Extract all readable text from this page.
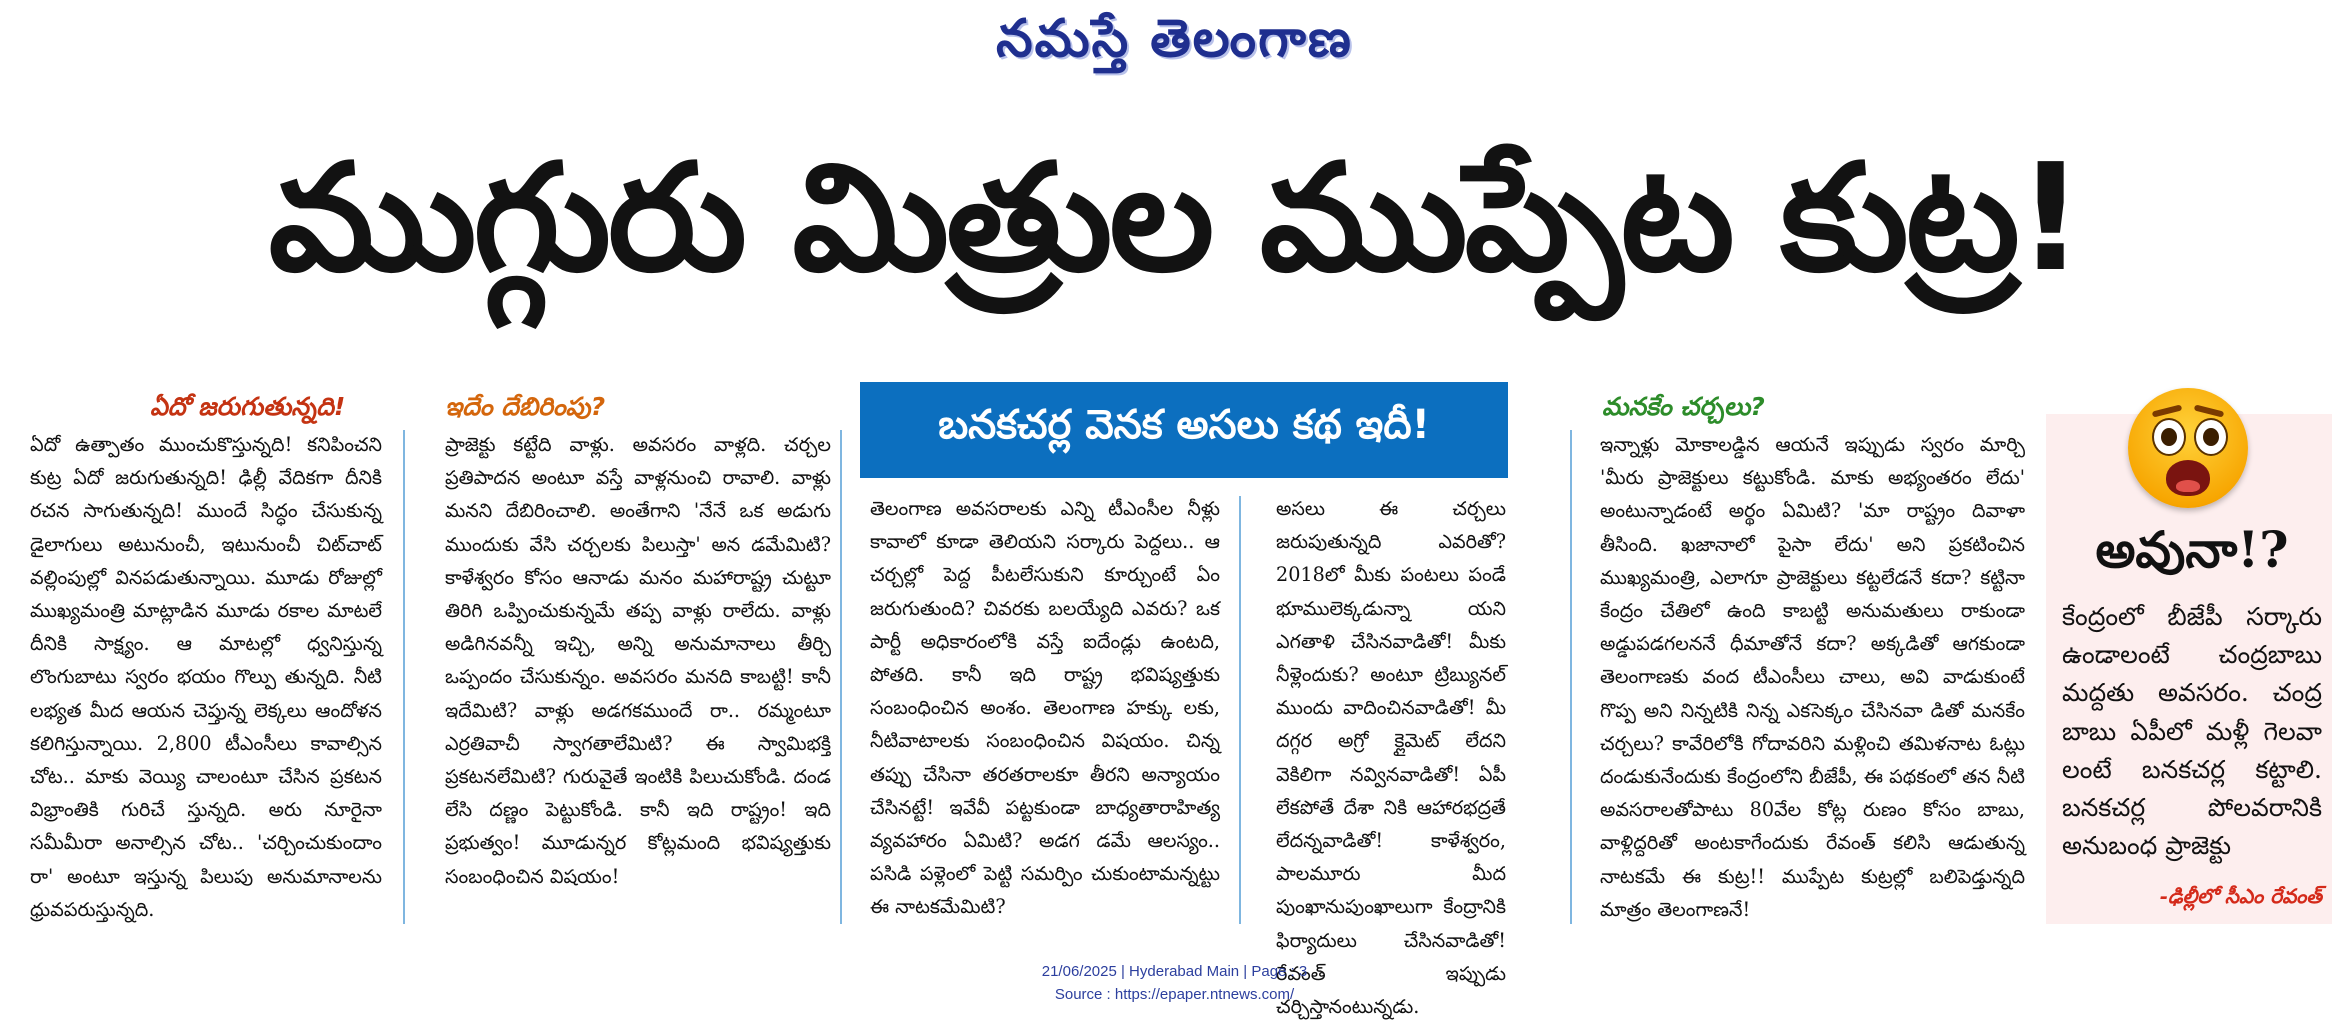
నమస్తే తెలంగాణ
ముగ్గురు మిత్రుల ముప్పేట కుట్ర!
ఏదో జరుగుతున్నది!
ఏదో ఉత్పాతం ముంచుకొస్తున్నది! కనిపించని కుట్ర ఏదో జరుగుతున్నది! ఢిల్లీ వేదికగా దీనికి రచన సాగుతున్నది! ముందే సిద్ధం చేసుకున్న డైలాగులు అటునుంచీ, ఇటునుంచీ చిట్‌చాట్ వల్లింపుల్లో వినపడుతున్నాయి. మూడు రోజుల్లో ముఖ్యమంత్రి మాట్లాడిన మూడు రకాల మాటలే దీనికి సాక్ష్యం. ఆ మాటల్లో ధ్వనిస్తున్న లొంగుబాటు స్వరం భయం గొల్పు తున్నది. నీటి లభ్యత మీద ఆయన చెప్తున్న లెక్కలు ఆందోళన కలిగిస్తున్నాయి. 2,800 టీఎంసీలు కావాల్సిన చోట.. మాకు వెయ్యి చాలంటూ చేసిన ప్రకటన విభ్రాంతికి గురిచే స్తున్నది. అరు నూరైనా సమీమీరా అనాల్సిన చోట.. 'చర్చించుకుందాం రా' అంటూ ఇస్తున్న పిలుపు అనుమానాలను ధ్రువపరుస్తున్నది.
ఇదేం దేబిరింపు?
ప్రాజెక్టు కట్టేది వాళ్లు. అవసరం వాళ్లది. చర్చల ప్రతిపాదన అంటూ వస్తే వాళ్లనుంచి రావాలి. వాళ్లు మనని దేబిరించాలి. అంతేగాని 'నేనే ఒక అడుగు ముందుకు వేసి చర్చలకు పిలుస్తా' అన డమేమిటి? కాళేశ్వరం కోసం ఆనాడు మనం మహారాష్ట్ర చుట్టూ తిరిగి ఒప్పించుకున్నమే తప్ప వాళ్లు రాలేదు. వాళ్లు అడిగినవన్నీ ఇచ్చి, అన్ని అనుమానాలు తీర్చి ఒప్పందం చేసుకున్నం. అవసరం మనది కాబట్టి! కానీ ఇదేమిటి? వాళ్లు అడగకముందే రా.. రమ్మంటూ ఎర్రతివాచీ స్వాగతాలేమిటి? ఈ స్వామిభక్తి ప్రకటనలేమిటి? గురువైతే ఇంటికి పిలుచుకోండి. దండ లేసి దణ్ణం పెట్టుకోండి. కానీ ఇది రాష్ట్రం! ఇది ప్రభుత్వం! మూడున్నర కోట్లమంది భవిష్యత్తుకు సంబంధించిన విషయం!
బనకచర్ల వెనక అసలు కథ ఇదీ!
తెలంగాణ అవసరాలకు ఎన్ని టీఎంసీల నీళ్లు కావాలో కూడా తెలియని సర్కారు పెద్దలు.. ఆ చర్చల్లో పెద్ద పీటలేసుకుని కూర్చుంటే ఏం జరుగుతుంది? చివరకు బలయ్యేది ఎవరు? ఒక పార్టీ అధికారంలోకి వస్తే ఐదేండ్లు ఉంటది, పోతది. కానీ ఇది రాష్ట్ర భవిష్యత్తుకు సంబంధించిన అంశం. తెలంగాణ హక్కు లకు, నీటివాటాలకు సంబంధించిన విషయం. చిన్న తప్పు చేసినా తరతరాలకూ తీరని అన్యాయం చేసినట్టే! ఇవేవీ పట్టకుండా బాధ్యతారాహిత్య వ్యవహారం ఏమిటి? అడగ డమే ఆలస్యం.. పసిడి పళ్లెంలో పెట్టి సమర్పిం చుకుంటామన్నట్టు ఈ నాటకమేమిటి?
అసలు ఈ చర్చలు జరుపుతున్నది ఎవరితో? 2018లో మీకు పంటలు పండే భూములెక్కడున్నా యని ఎగతాళి చేసినవాడితో! మీకు నీళ్లెందుకు? అంటూ ట్రిబ్యునల్ ముందు వాదించినవాడితో! మీ దగ్గర అగ్రో క్లైమెట్ లేదని వెకిలిగా నవ్వినవాడితో! ఏపీ లేకపోతే దేశా నికి ఆహారభద్రతే లేదన్నవాడితో! కాళేశ్వరం, పాలమూరు మీద పుంఖానుపుంఖాలుగా కేంద్రానికి ఫిర్యాదులు చేసినవాడితో! రేవంత్ ఇప్పుడు చర్చిస్తానంటున్నడు.
మనకేం చర్చలు?
ఇన్నాళ్లు మోకాలడ్డిన ఆయనే ఇప్పుడు స్వరం మార్చి 'మీరు ప్రాజెక్టులు కట్టుకోండి. మాకు అభ్యంతరం లేదు' అంటున్నాడంటే అర్థం ఏమిటి? 'మా రాష్ట్రం దివాళా తీసింది. ఖజానాలో పైసా లేదు' అని ప్రకటించిన ముఖ్యమంత్రి, ఎలాగూ ప్రాజెక్టులు కట్టలేడనే కదా? కట్టినా కేంద్రం చేతిలో ఉంది కాబట్టి అనుమతులు రాకుండా అడ్డుపడగలననే ధీమాతోనే కదా? అక్కడితో ఆగకుండా తెలంగాణకు వంద టీఎంసీలు చాలు, అవి వాడుకుంటే గొప్ప అని నిన్నటికి నిన్న ఎకసెక్కం చేసినవా డితో మనకేం చర్చలు? కావేరిలోకి గోదావరిని మళ్లించి తమిళనాట ఓట్లు దండుకునేందుకు కేంద్రంలోని బీజేపీ, ఈ పథకంలో తన నీటి అవసరాలతోపాటు 80వేల కోట్ల రుణం కోసం బాబు, వాళ్లిద్దరితో అంటకాగేందుకు రేవంత్ కలిసి ఆడుతున్న నాటకమే ఈ కుట్ర!! ముప్పేట కుట్రల్లో బలిపెడ్తున్నది మాత్రం తెలంగాణనే!
అవునా!?
కేంద్రంలో బీజేపీ సర్కారు ఉండాలంటే చంద్రబాబు మద్దతు అవసరం. చంద్ర బాబు ఏపీలో మళ్లీ గెలవా లంటే బనకచర్ల కట్టాలి. బనకచర్ల పోలవరానికి అనుబంధ ప్రాజెక్టు
-ఢిల్లీలో సీఎం రేవంత్
21/06/2025 | Hyderabad Main | Page : 3
Source : https://epaper.ntnews.com/
